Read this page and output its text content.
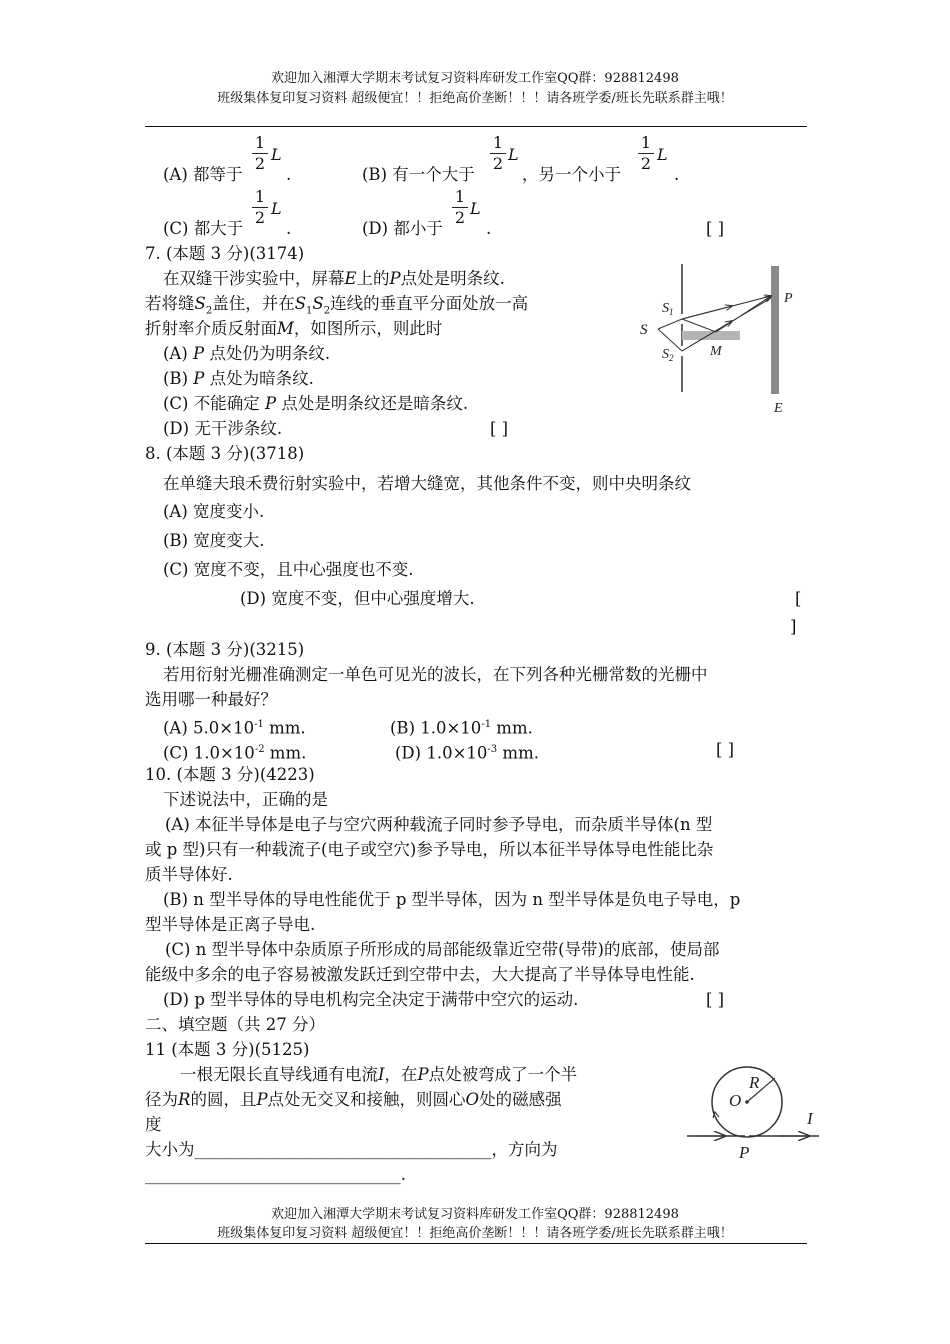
欢迎加入湘潭大学期末考试复习资料库研发工作室QQ群：928812498
班级集体复印复习资料 超级便宜！！拒绝高价垄断！！！请各班学委/班长先联系群主哦！
(A) 都等于
1
2 L
.	(B) 有一个大于
1
2 L
，另一个小于
1
2 L
.
(C) 都大于
1
2 L
.	(D) 都小于
1
2 L
.	[ ]
7. (本题 3 分)(3174)
在双缝干涉实验中，屏幕E上的P点处是明条纹.
若将缝$S_2$盖住，并在$S_1S_2$连线的垂直平分面处放一高
折射率介质反射面M，如图所示，则此时
(A) P 点处仍为明条纹.
(B) P 点处为暗条纹.
(C) 不能确定 P 点处是明条纹还是暗条纹.
(D) 无干涉条纹.	[ ]
S
$S_1$
$S_2$	M
P
E
8. (本题 3 分)(3718)
在单缝夫琅禾费衍射实验中，若增大缝宽，其他条件不变，则中央明条纹
(A) 宽度变小.
(B) 宽度变大.
(C) 宽度不变，且中心强度也不变.
(D) 宽度不变，但中心强度增大.	[
]
9. (本题 3 分)(3215)
若用衍射光栅准确测定一单色可见光的波长，在下列各种光栅常数的光栅中
选用哪一种最好？
(A) $5.0\times 10^{-1}$ mm.	(B) $1.0\times 10^{-1}$ mm.
(C) $1.0\times 10^{-2}$ mm.	(D) $1.0\times 10^{-3}$ mm.	[ ]
10. (本题 3 分)(4223)
下述说法中，正确的是
(A) 本征半导体是电子与空穴两种载流子同时参予导电，而杂质半导体(n 型
或 p 型)只有一种载流子(电子或空穴)参予导电，所以本征半导体导电性能比杂
质半导体好.
(B) n 型半导体的导电性能优于 p 型半导体，因为 n 型半导体是负电子导电，p
型半导体是正离子导电.
(C) n 型半导体中杂质原子所形成的局部能级靠近空带(导带)的底部，使局部
能级中多余的电子容易被激发跃迁到空带中去，大大提高了半导体导电性能.
(D) p 型半导体的导电机构完全决定于满带中空穴的运动.	[ ]
二、填空题（共 27 分）
11 (本题 3 分)(5125)
一根无限长直导线通有电流I，在P点处被弯成了一个半
径为R的圆，且P点处无交叉和接触，则圆心O处的磁感强
度
大小为____________________________________，方向为
_______________________________.
R
O
I
P
欢迎加入湘潭大学期末考试复习资料库研发工作室QQ群：928812498
班级集体复印复习资料 超级便宜！！拒绝高价垄断！！！请各班学委/班长先联系群主哦！
